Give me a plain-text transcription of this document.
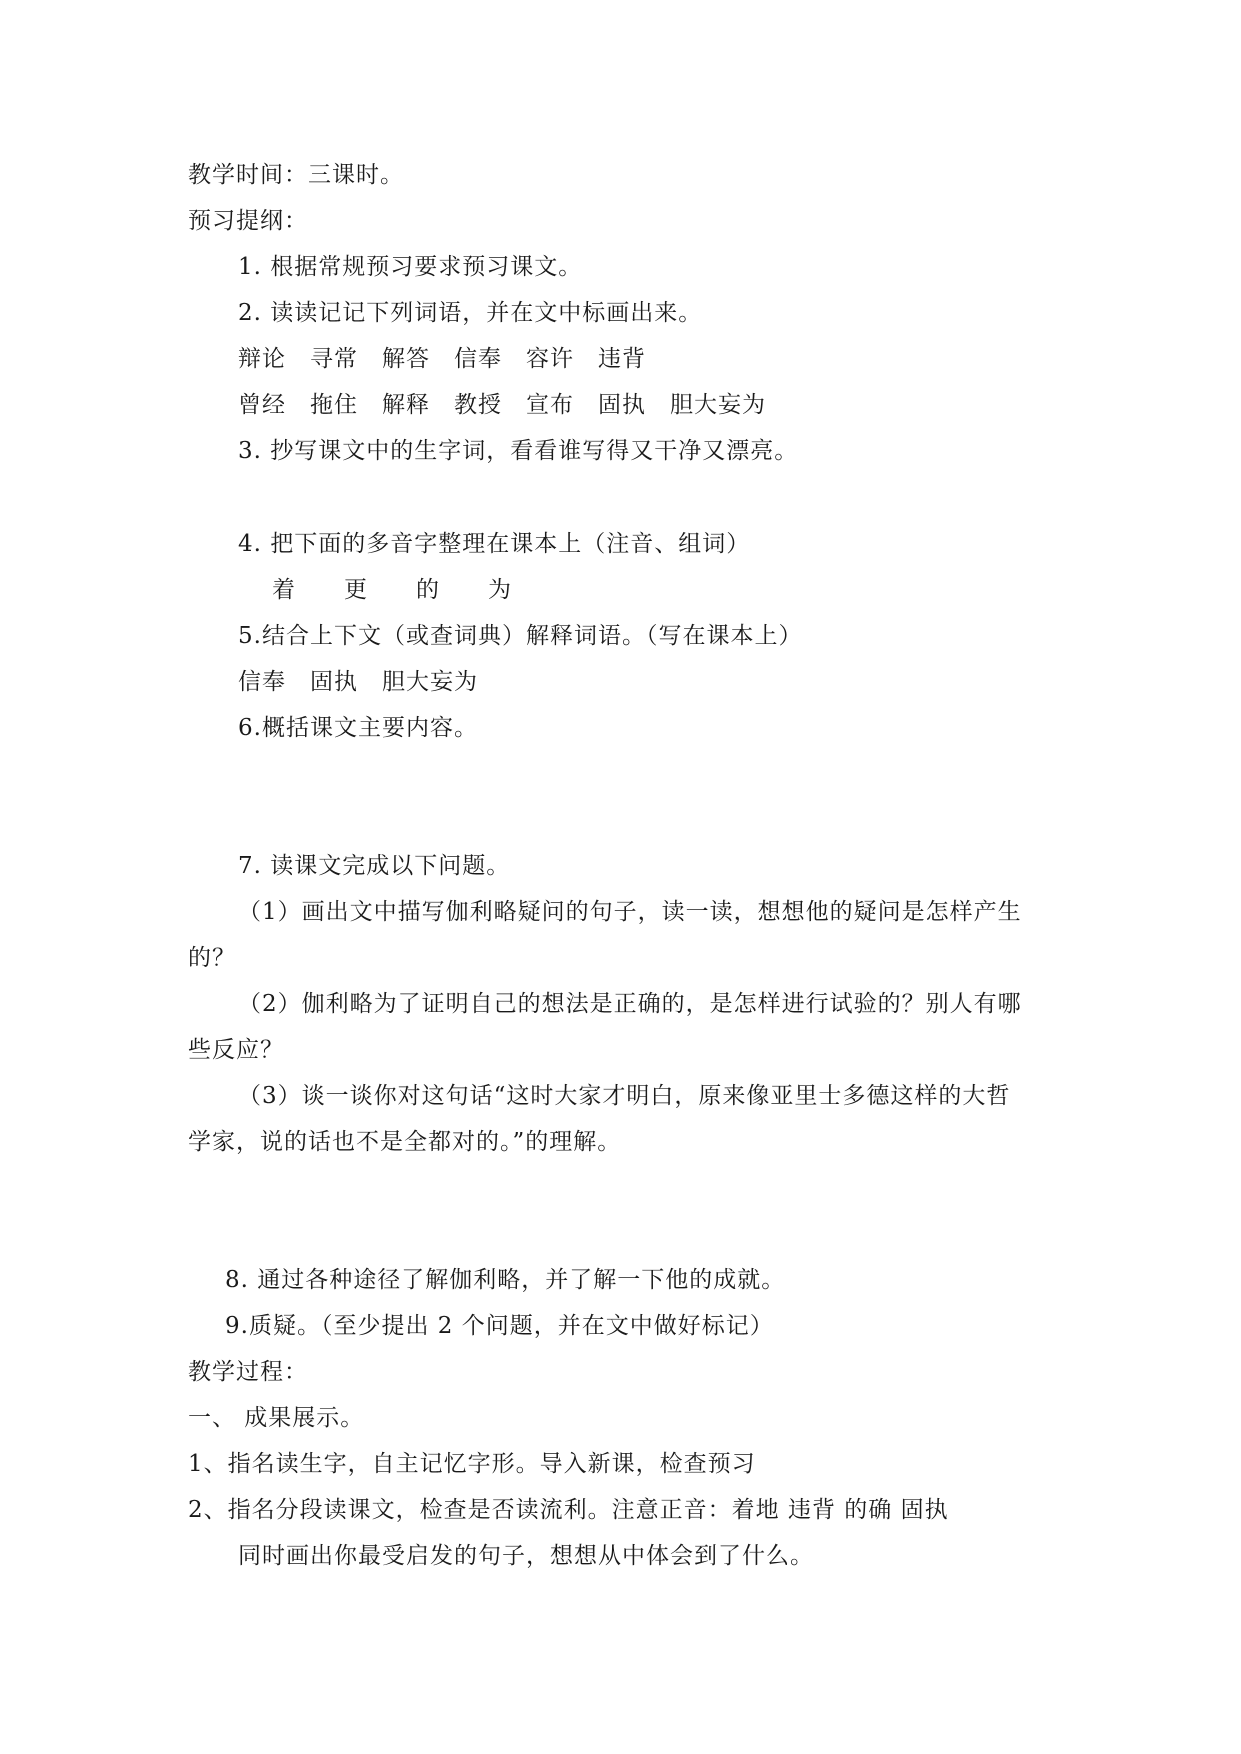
教学时间：三课时。
预习提纲：
1. 根据常规预习要求预习课文。
2. 读读记记下列词语，并在文中标画出来。
辩论 寻常 解答 信奉 容许 违背
曾经 拖住 解释 教授 宣布 固执 胆大妄为
3. 抄写课文中的生字词，看看谁写得又干净又漂亮。
4. 把下面的多音字整理在课本上（注音、组词）
着 更 的 为
5.结合上下文（或查词典）解释词语。（写在课本上）
信奉 固执 胆大妄为
6.概括课文主要内容。
7. 读课文完成以下问题。
（1）画出文中描写伽利略疑问的句子，读一读，想想他的疑问是怎样产生
的？
（2）伽利略为了证明自己的想法是正确的，是怎样进行试验的？别人有哪
些反应？
（3）谈一谈你对这句话“这时大家才明白，原来像亚里士多德这样的大哲
学家，说的话也不是全都对的。”的理解。
8. 通过各种途径了解伽利略，并了解一下他的成就。
9.质疑。（至少提出 2 个问题，并在文中做好标记）
教学过程：
一、 成果展示。
1、指名读生字，自主记忆字形。导入新课，检查预习
2、指名分段读课文，检查是否读流利。注意正音：着地 违背 的确 固执
同时画出你最受启发的句子，想想从中体会到了什么。
